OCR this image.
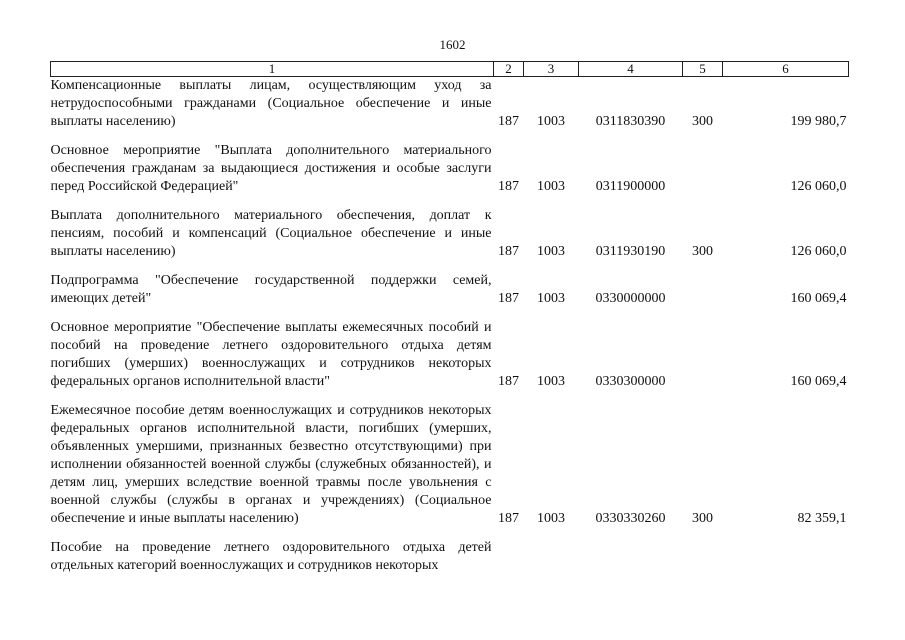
1602
1	2	3	4	5	6
Компенсационные выплаты лицам, осуществляющим уход за нетрудоспособными гражданами (Социальное обеспечение и иные выплаты населению)	187	1003	0311830390	300	199 980,7
Основное мероприятие "Выплата дополнительного материального обеспечения гражданам за выдающиеся достижения и особые заслуги перед Российской Федерацией"	187	1003	0311900000		126 060,0
Выплата дополнительного материального обеспечения, доплат к пенсиям, пособий и компенсаций (Социальное обеспечение и иные выплаты населению)	187	1003	0311930190	300	126 060,0
Подпрограмма "Обеспечение государственной поддержки семей, имеющих детей"	187	1003	0330000000		160 069,4
Основное мероприятие "Обеспечение выплаты ежемесячных пособий и пособий на проведение летнего оздоровительного отдыха детям погибших (умерших) военнослужащих и сотрудников некоторых федеральных органов исполнительной власти"	187	1003	0330300000		160 069,4
Ежемесячное пособие детям военнослужащих и сотрудников некоторых федеральных органов исполнительной власти, погибших (умерших, объявленных умершими, признанных безвестно отсутствующими) при исполнении обязанностей военной службы (служебных обязанностей), и детям лиц, умерших вследствие военной травмы после увольнения с военной службы (службы в органах и учреждениях) (Социальное обеспечение и иные выплаты населению)	187	1003	0330330260	300	82 359,1
Пособие на проведение летнего оздоровительного отдыха детей отдельных категорий военнослужащих и сотрудников некоторых					
